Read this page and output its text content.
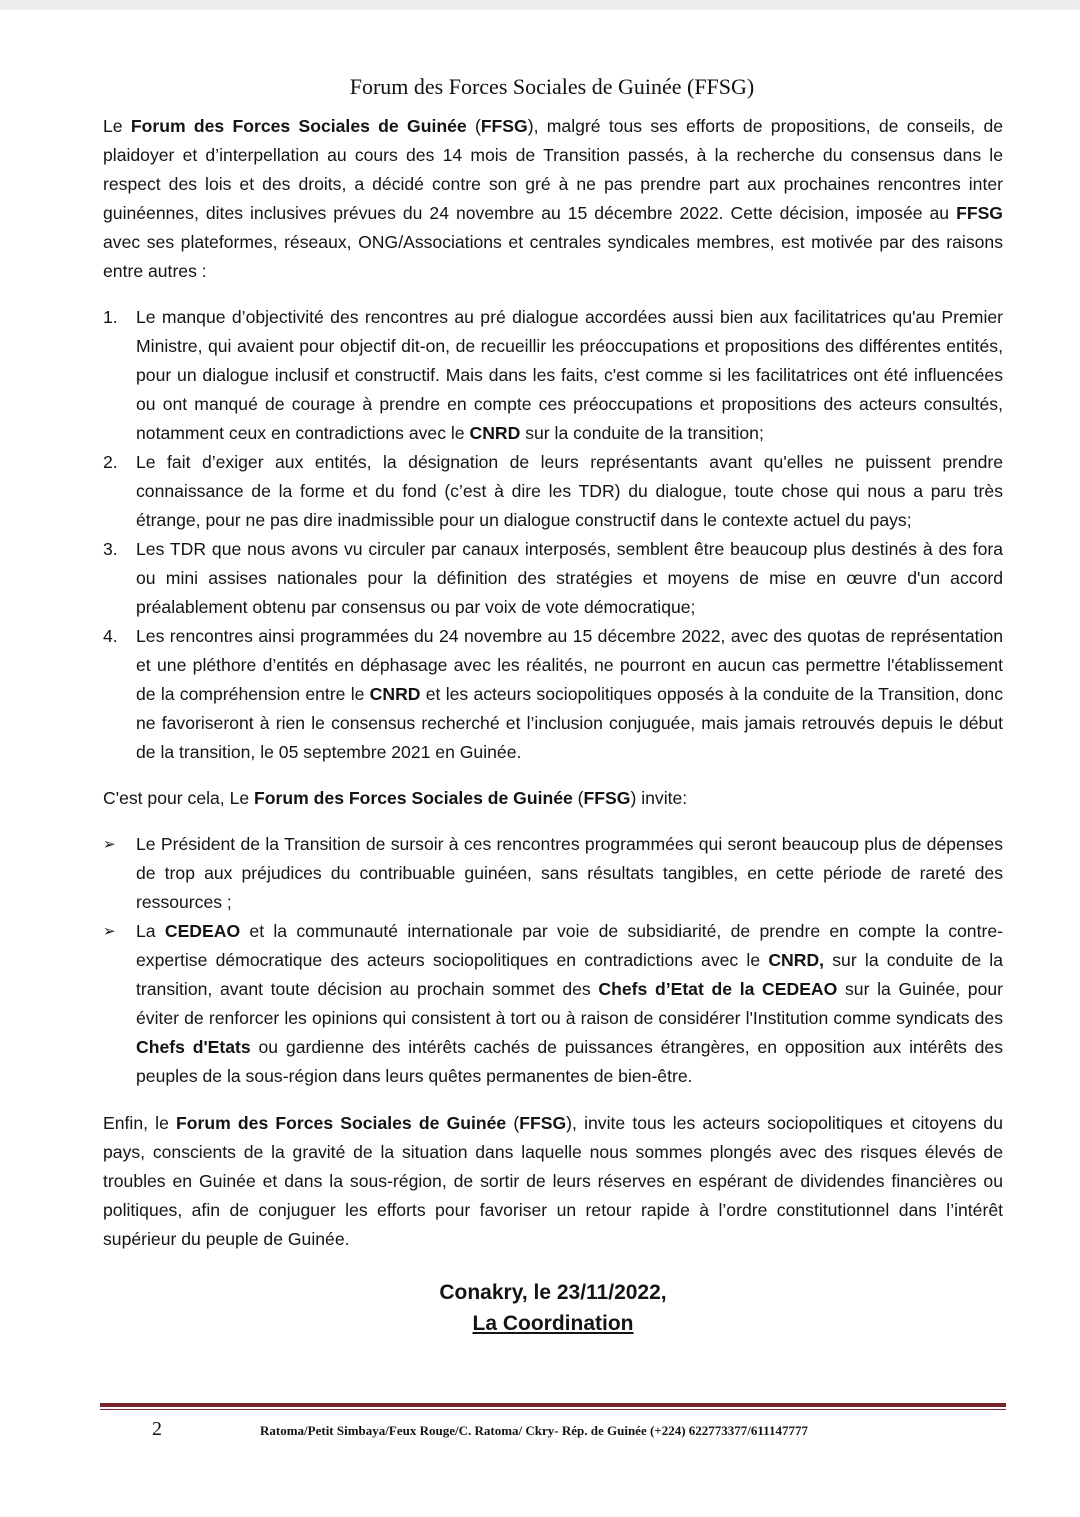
Forum des Forces Sociales de Guinée (FFSG)

Le Forum des Forces Sociales de Guinée (FFSG), malgré tous ses efforts de propositions, de conseils, de plaidoyer et d’interpellation au cours des 14 mois de Transition passés, à la recherche du consensus dans le respect des lois et des droits, a décidé contre son gré à ne pas prendre part aux prochaines rencontres inter guinéennes, dites inclusives prévues du 24 novembre au 15 décembre 2022. Cette décision, imposée au FFSG avec ses plateformes, réseaux, ONG/Associations et centrales syndicales membres, est motivée par des raisons entre autres :

1. Le manque d’objectivité des rencontres au pré dialogue accordées aussi bien aux facilitatrices qu'au Premier Ministre, qui avaient pour objectif dit-on, de recueillir les préoccupations et propositions des différentes entités, pour un dialogue inclusif et constructif. Mais dans les faits, c'est comme si les facilitatrices ont été influencées ou ont manqué de courage à prendre en compte ces préoccupations et propositions des acteurs consultés, notamment ceux en contradictions avec le CNRD sur la conduite de la transition;
2. Le fait d’exiger aux entités, la désignation de leurs représentants avant qu'elles ne puissent prendre connaissance de la forme et du fond (c’est à dire les TDR) du dialogue, toute chose qui nous a paru très étrange, pour ne pas dire inadmissible pour un dialogue constructif dans le contexte actuel du pays;
3. Les TDR que nous avons vu circuler par canaux interposés, semblent être beaucoup plus destinés à des fora ou mini assises nationales pour la définition des stratégies et moyens de mise en œuvre d'un accord préalablement obtenu par consensus ou par voix de vote démocratique;
4. Les rencontres ainsi programmées du 24 novembre au 15 décembre 2022, avec des quotas de représentation et une pléthore d’entités en déphasage avec les réalités, ne pourront en aucun cas permettre l'établissement de la compréhension entre le CNRD et les acteurs sociopolitiques opposés à la conduite de la Transition, donc ne favoriseront à rien le consensus recherché et l’inclusion conjuguée, mais jamais retrouvés depuis le début de la transition, le 05 septembre 2021 en Guinée.

C'est pour cela, Le Forum des Forces Sociales de Guinée (FFSG) invite:

➢ Le Président de la Transition de sursoir à ces rencontres programmées qui seront beaucoup plus de dépenses de trop aux préjudices du contribuable guinéen, sans résultats tangibles, en cette période de rareté des ressources ;
➢ La CEDEAO et la communauté internationale par voie de subsidiarité, de prendre en compte la contre-expertise démocratique des acteurs sociopolitiques en contradictions avec le CNRD, sur la conduite de la transition, avant toute décision au prochain sommet des Chefs d’Etat de la CEDEAO sur la Guinée, pour éviter de renforcer les opinions qui consistent à tort ou à raison de considérer l'Institution comme syndicats des Chefs d'Etats ou gardienne des intérêts cachés de puissances étrangères, en opposition aux intérêts des peuples de la sous-région dans leurs quêtes permanentes de bien-être.

Enfin, le Forum des Forces Sociales de Guinée (FFSG), invite tous les acteurs sociopolitiques et citoyens du pays, conscients de la gravité de la situation dans laquelle nous sommes plongés avec des risques élevés de troubles en Guinée et dans la sous-région, de sortir de leurs réserves en espérant de dividendes financières ou politiques, afin de conjuguer les efforts pour favoriser un retour rapide à l’ordre constitutionnel dans l’intérêt supérieur du peuple de Guinée.

Conakry, le 23/11/2022,
La Coordination
2	Ratoma/Petit Simbaya/Feux Rouge/C. Ratoma/ Ckry- Rép. de Guinée (+224) 622773377/611147777
